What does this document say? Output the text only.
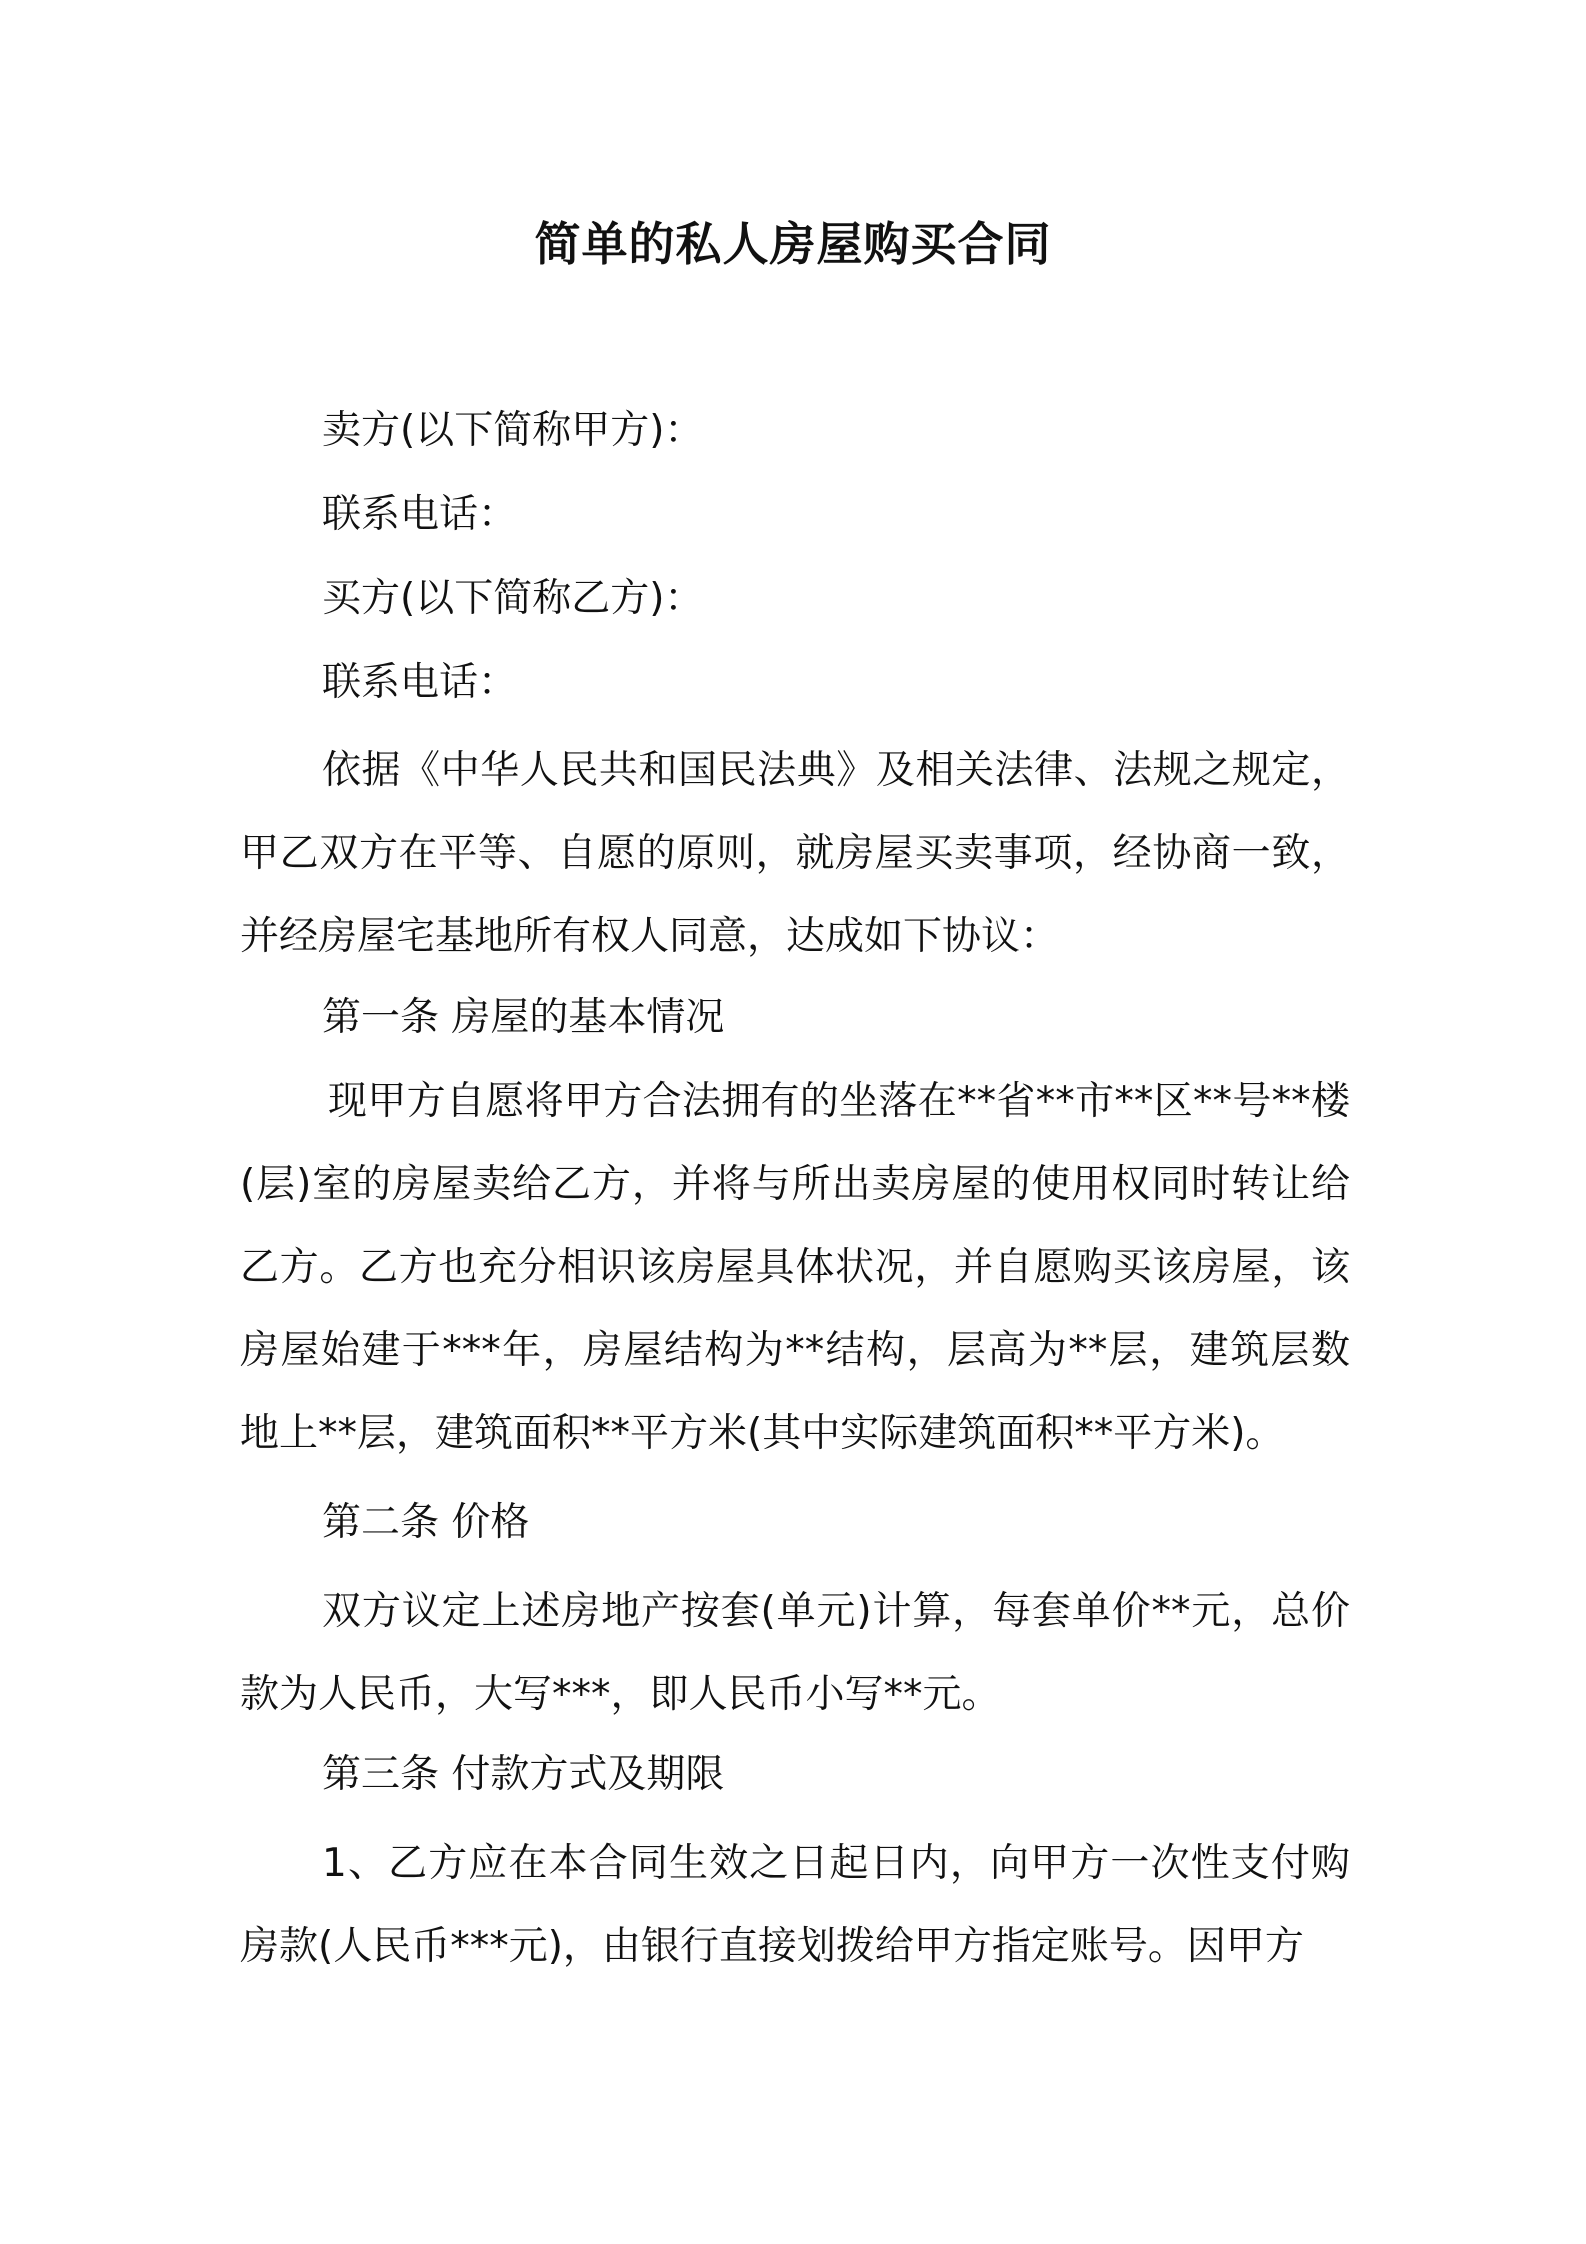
简单的私人房屋购买合同
卖方(以下简称甲方)：
联系电话：
买方(以下简称乙方)：
联系电话：
依据《中华人民共和国民法典》及相关法律、法规之规定，甲乙双方在平等、自愿的原则，就房屋买卖事项，经协商一致，并经房屋宅基地所有权人同意，达成如下协议：
第一条 房屋的基本情况
现甲方自愿将甲方合法拥有的坐落在**省**市**区**号**楼(层)室的房屋卖给乙方，并将与所出卖房屋的使用权同时转让给乙方。乙方也充分相识该房屋具体状况，并自愿购买该房屋，该房屋始建于***年，房屋结构为**结构，层高为**层，建筑层数地上**层，建筑面积**平方米(其中实际建筑面积**平方米)。
第二条 价格
双方议定上述房地产按套(单元)计算，每套单价**元，总价款为人民币，大写***，即人民币小写**元。
第三条 付款方式及期限
1、乙方应在本合同生效之日起日内，向甲方一次性支付购房款(人民币***元)，由银行直接划拨给甲方指定账号。因甲方
